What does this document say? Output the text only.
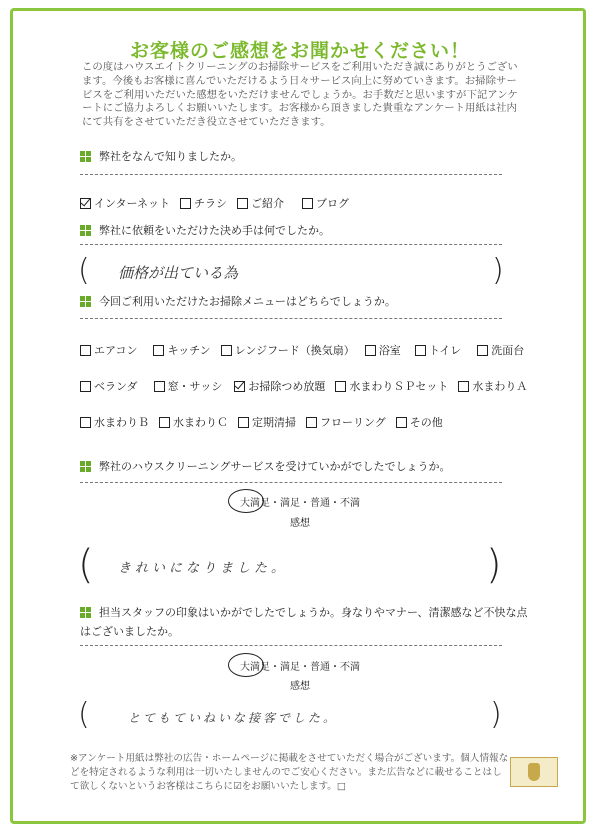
お客様のご感想をお聞かせください！
この度はハウスエイトクリーニングのお掃除サービスをご利用いただき誠にありがとうございます。今後もお客様に喜んでいただけるよう日々サービス向上に努めていきます。お掃除サービスをご利用いただいた感想をいただけませんでしょうか。お手数だと思いますが下記アンケートにご協力よろしくお願いいたします。お客様から頂きました貴重なアンケート用紙は社内にて共有をさせていただき役立させていただきます。
弊社をなんで知りましたか。
インターネット チラシ ご紹介	ブログ
弊社に依頼をいただけた決め手は何でしたか。
( 価格が出ている為	)
今回ご利用いただけたお掃除メニューはどちらでしょうか。
エアコン	キッチン レンジフード（換気扇） 浴室	トイレ	洗面台
ベランダ	窓・サッシ お掃除つめ放題 水まわりＳＰセット 水まわりＡ
水まわりＢ 水まわりＣ 定期清掃 フローリング その他
弊社のハウスクリーニングサービスを受けていかがでしたでしょうか。
大満足・満足・普通・不満
感想
( きれいになりました。	)
担当スタッフの印象はいかがでしたでしょうか。身なりやマナー、清潔感など不快な点
はございましたか。
大満足・満足・普通・不満
感想
(	とてもていねいな接客でした。	)
※アンケート用紙は弊社の広告・ホームページに掲載をさせていただく場合がございます。個人情報などを特定されるような利用は一切いたしませんのでご安心ください。また広告などに載せることはして欲しくないというお客様はこちらに☑をお願いいたします。□
